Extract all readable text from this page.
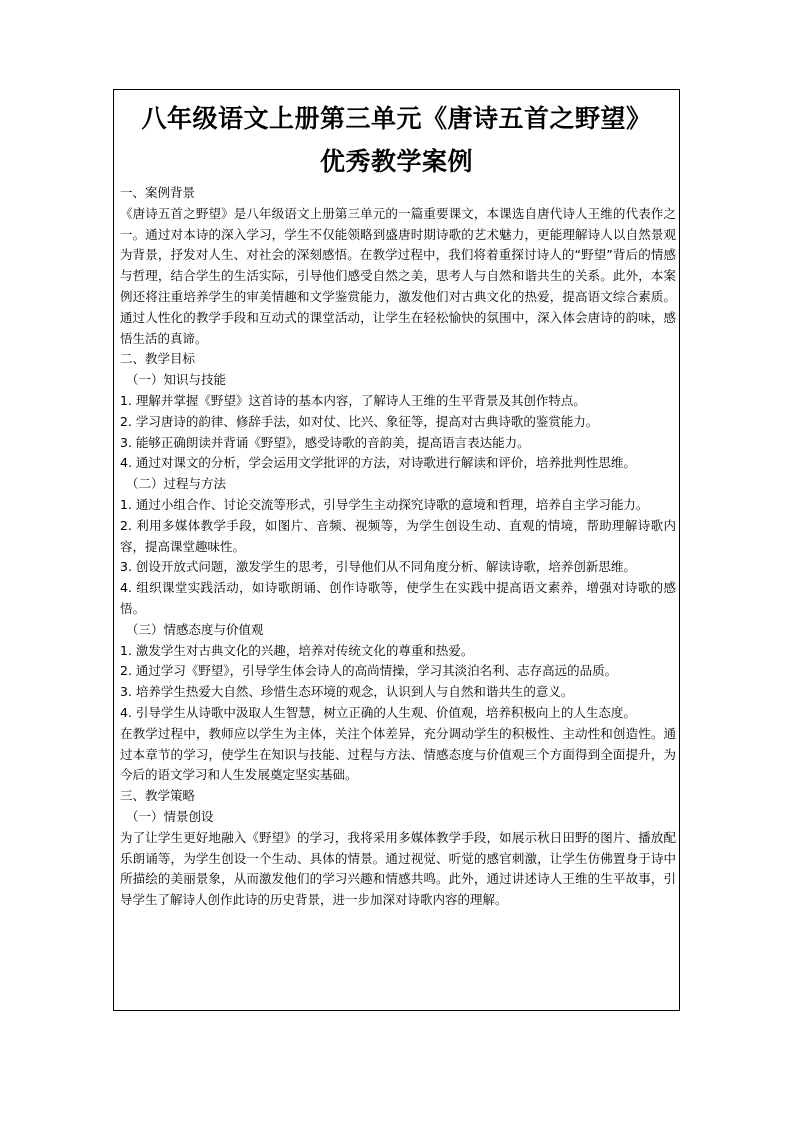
八年级语文上册第三单元《唐诗五首之野望》
优秀教学案例

一、案例背景

《唐诗五首之野望》是八年级语文上册第三单元的一篇重要课文，本课选自唐代诗人王维的代表作之一。通过对本诗的深入学习，学生不仅能领略到盛唐时期诗歌的艺术魅力，更能理解诗人以自然景观为背景，抒发对人生、对社会的深刻感悟。在教学过程中，我们将着重探讨诗人的“野望”背后的情感与哲理，结合学生的生活实际，引导他们感受自然之美，思考人与自然和谐共生的关系。此外，本案例还将注重培养学生的审美情趣和文学鉴赏能力，激发他们对古典文化的热爱，提高语文综合素质。通过人性化的教学手段和互动式的课堂活动，让学生在轻松愉快的氛围中，深入体会唐诗的韵味，感悟生活的真谛。

二、教学目标

（一）知识与技能

1. 理解并掌握《野望》这首诗的基本内容，了解诗人王维的生平背景及其创作特点。

2. 学习唐诗的韵律、修辞手法，如对仗、比兴、象征等，提高对古典诗歌的鉴赏能力。

3. 能够正确朗读并背诵《野望》，感受诗歌的音韵美，提高语言表达能力。

4. 通过对课文的分析，学会运用文学批评的方法，对诗歌进行解读和评价，培养批判性思维。

（二）过程与方法

1. 通过小组合作、讨论交流等形式，引导学生主动探究诗歌的意境和哲理，培养自主学习能力。

2. 利用多媒体教学手段，如图片、音频、视频等，为学生创设生动、直观的情境，帮助理解诗歌内容，提高课堂趣味性。

3. 创设开放式问题，激发学生的思考，引导他们从不同角度分析、解读诗歌，培养创新思维。

4. 组织课堂实践活动，如诗歌朗诵、创作诗歌等，使学生在实践中提高语文素养，增强对诗歌的感悟。

（三）情感态度与价值观

1. 激发学生对古典文化的兴趣，培养对传统文化的尊重和热爱。

2. 通过学习《野望》，引导学生体会诗人的高尚情操，学习其淡泊名利、志存高远的品质。

3. 培养学生热爱大自然、珍惜生态环境的观念，认识到人与自然和谐共生的意义。

4. 引导学生从诗歌中汲取人生智慧，树立正确的人生观、价值观，培养积极向上的人生态度。

在教学过程中，教师应以学生为主体，关注个体差异，充分调动学生的积极性、主动性和创造性。通过本章节的学习，使学生在知识与技能、过程与方法、情感态度与价值观三个方面得到全面提升，为今后的语文学习和人生发展奠定坚实基础。

三、教学策略

（一）情景创设

为了让学生更好地融入《野望》的学习，我将采用多媒体教学手段，如展示秋日田野的图片、播放配乐朗诵等，为学生创设一个生动、具体的情景。通过视觉、听觉的感官刺激，让学生仿佛置身于诗中所描绘的美丽景象，从而激发他们的学习兴趣和情感共鸣。此外，通过讲述诗人王维的生平故事，引导学生了解诗人创作此诗的历史背景，进一步加深对诗歌内容的理解。
